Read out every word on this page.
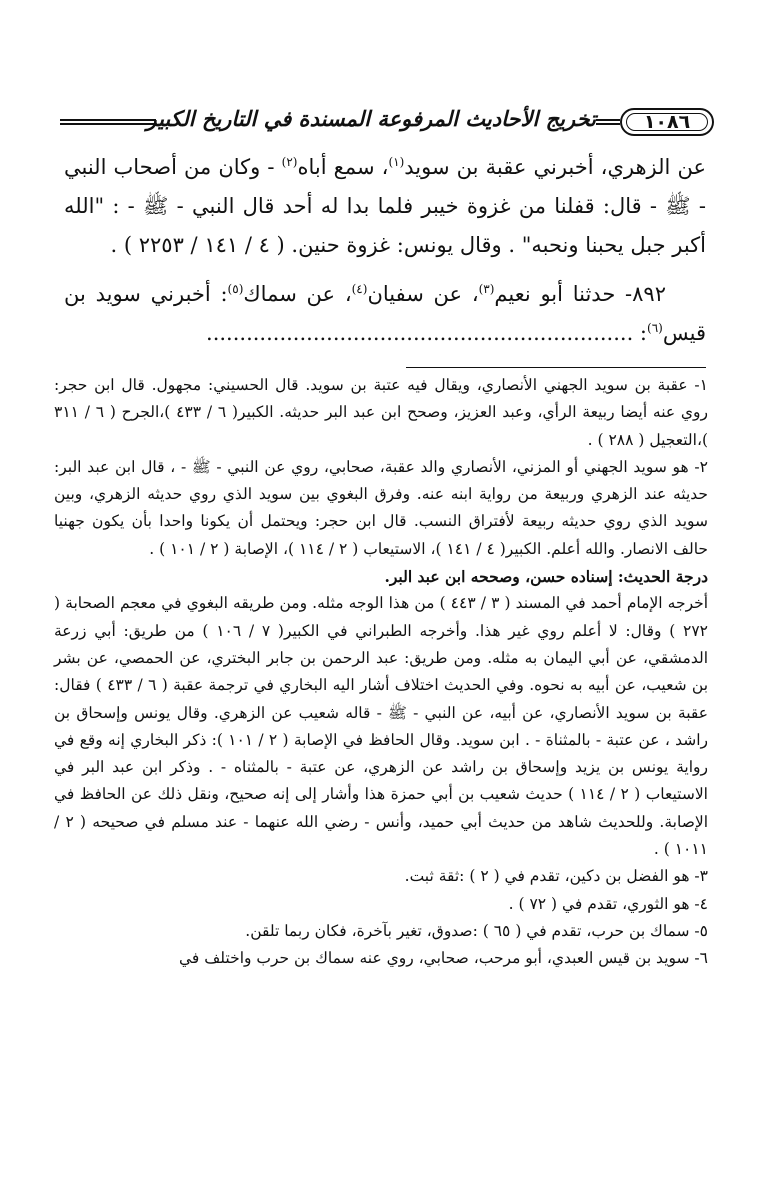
١٠٨٦
تخريج الأحاديث المرفوعة المسندة في التاريخ الكبير

عن الزهري، أخبرني عقبة بن سويد$^{(١)}$، سمع أباه$^{(٢)}$ - وكان من أصحاب النبي - ﷺ - قال: قفلنا من غزوة خيبر فلما بدا له أحد قال النبي - ﷺ - : "الله أكبر جبل يحبنا ونحبه" . وقال يونس: غزوة حنين. ( ٤ / ١٤١ / ٢٢٥٣ ) .

٨٩٢- حدثنا أبو نعيم$^{(٣)}$، عن سفيان$^{(٤)}$، عن سماك$^{(٥)}$: أخبرني سويد بن قيس$^{(٦)}$: ................................................................

١- عقبة بن سويد الجهني الأنصاري، ويقال فيه عتبة بن سويد. قال الحسيني: مجهول. قال ابن حجر: روي عنه أيضا ربيعة الرأي، وعبد العزيز، وصحح ابن عبد البر حديثه. الكبير( ٦ / ٤٣٣ )،الجرح ( ٦ / ٣١١ )،التعجيل ( ٢٨٨ ) .

٢- هو سويد الجهني أو المزني، الأنصاري والد عقبة، صحابي، روي عن النبي - ﷺ - ، قال ابن عبد البر: حديثه عند الزهري وربيعة من رواية ابنه عنه. وفرق البغوي بين سويد الذي روي حديثه الزهري، وبين سويد الذي روي حديثه ربيعة لأفتراق النسب. قال ابن حجر: ويحتمل أن يكونا واحدا بأن يكون جهنيا حالف الانصار. والله أعلم. الكبير( ٤ / ١٤١ )، الاستيعاب ( ٢ / ١١٤ )، الإصابة ( ٢ / ١٠١ ) .

درجة الحديث: إسناده حسن، وصححه ابن عبد البر.

أخرجه الإمام أحمد في المسند ( ٣ / ٤٤٣ ) من هذا الوجه مثله. ومن طريقه البغوي في معجم الصحابة ( ٢٧٢ ) وقال: لا أعلم روي غير هذا. وأخرجه الطبراني في الكبير( ٧ / ١٠٦ ) من طريق: أبي زرعة الدمشقي، عن أبي اليمان به مثله. ومن طريق: عبد الرحمن بن جابر البختري، عن الحمصي، عن بشر بن شعيب، عن أبيه به نحوه. وفي الحديث اختلاف أشار اليه البخاري في ترجمة عقبة ( ٦ / ٤٣٣ ) فقال: عقبة بن سويد الأنصاري، عن أبيه، عن النبي - ﷺ - قاله شعيب عن الزهري. وقال يونس وإسحاق بن راشد ، عن عتبة - بالمثناة - . ابن سويد. وقال الحافظ في الإصابة ( ٢ / ١٠١ ): ذكر البخاري إنه وقع في رواية يونس بن يزيد وإسحاق بن راشد عن الزهري، عن عتبة - بالمثناه - . وذكر ابن عبد البر في الاستيعاب ( ٢ / ١١٤ ) حديث شعيب بن أبي حمزة هذا وأشار إلى إنه صحيح، ونقل ذلك عن الحافظ في الإصابة. وللحديث شاهد من حديث أبي حميد، وأنس - رضي الله عنهما - عند مسلم في صحيحه ( ٢ / ١٠١١ ) .

٣- هو الفضل بن دكين، تقدم في ( ٢ ) :ثقة ثبت.

٤- هو الثوري، تقدم في ( ٧٢ ) .

٥- سماك بن حرب، تقدم في ( ٦٥ ) :صدوق، تغير بآخرة، فكان ربما تلقن.

٦- سويد بن قيس العبدي، أبو مرحب، صحابي، روي عنه سماك بن حرب واختلف في
